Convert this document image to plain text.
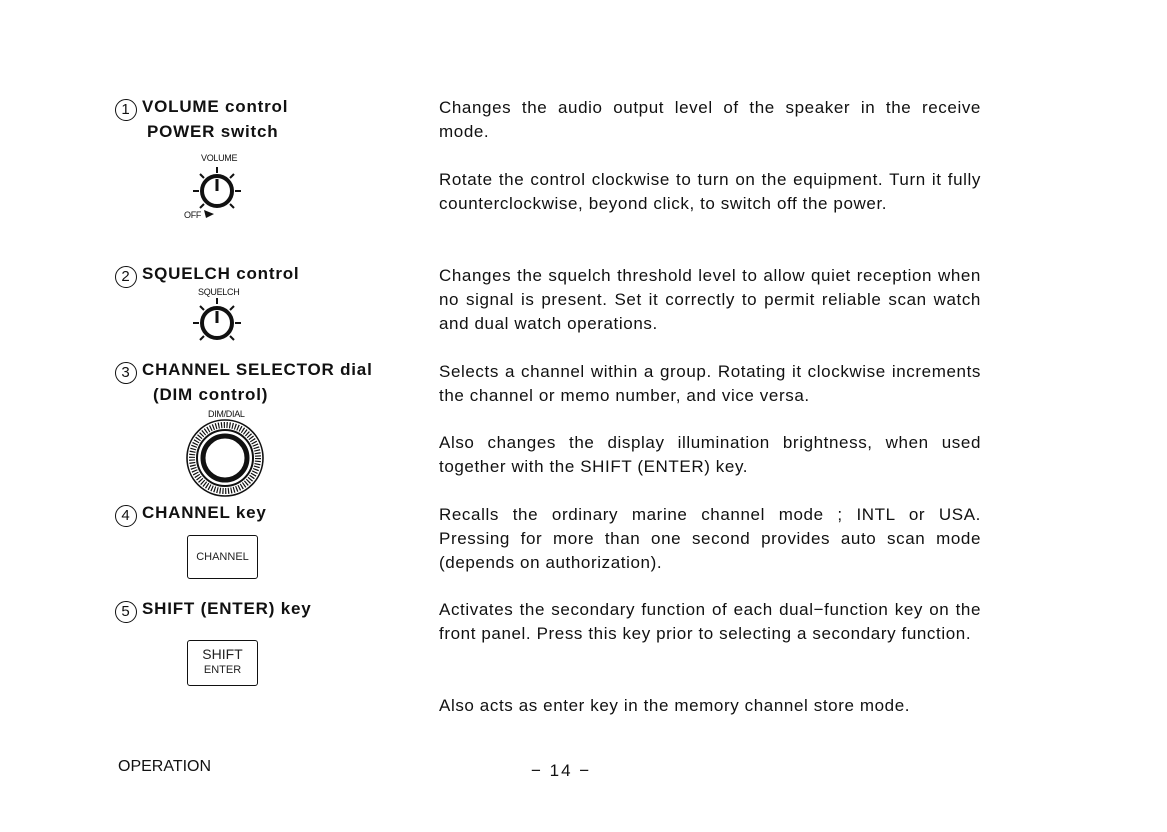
1 VOLUME control
POWER switch
VOLUME
OFF
Changes the audio output level of the speaker in the receive mode.
Rotate the control clockwise to turn on the equipment. Turn it fully counterclockwise, beyond click, to switch off the power.
2 SQUELCH control
SQUELCH
Changes the squelch threshold level to allow quiet reception when no signal is present. Set it correctly to permit reliable scan watch and dual watch operations.
3 CHANNEL SELECTOR dial
(DIM control)
DIM/DIAL
Selects a channel within a group. Rotating it clockwise increments the channel or memo number, and vice versa.
Also changes the display illumination brightness, when used together with the SHIFT (ENTER) key.
4 CHANNEL key
CHANNEL
Recalls the ordinary marine channel mode ; INTL or USA. Pressing for more than one second provides auto scan mode (depends on authorization).
5 SHIFT (ENTER) key
SHIFT
ENTER
Activates the secondary function of each dual−function key on the front panel. Press this key prior to selecting a secondary function.
Also acts as enter key in the memory channel store mode.
OPERATION	− 14 −
